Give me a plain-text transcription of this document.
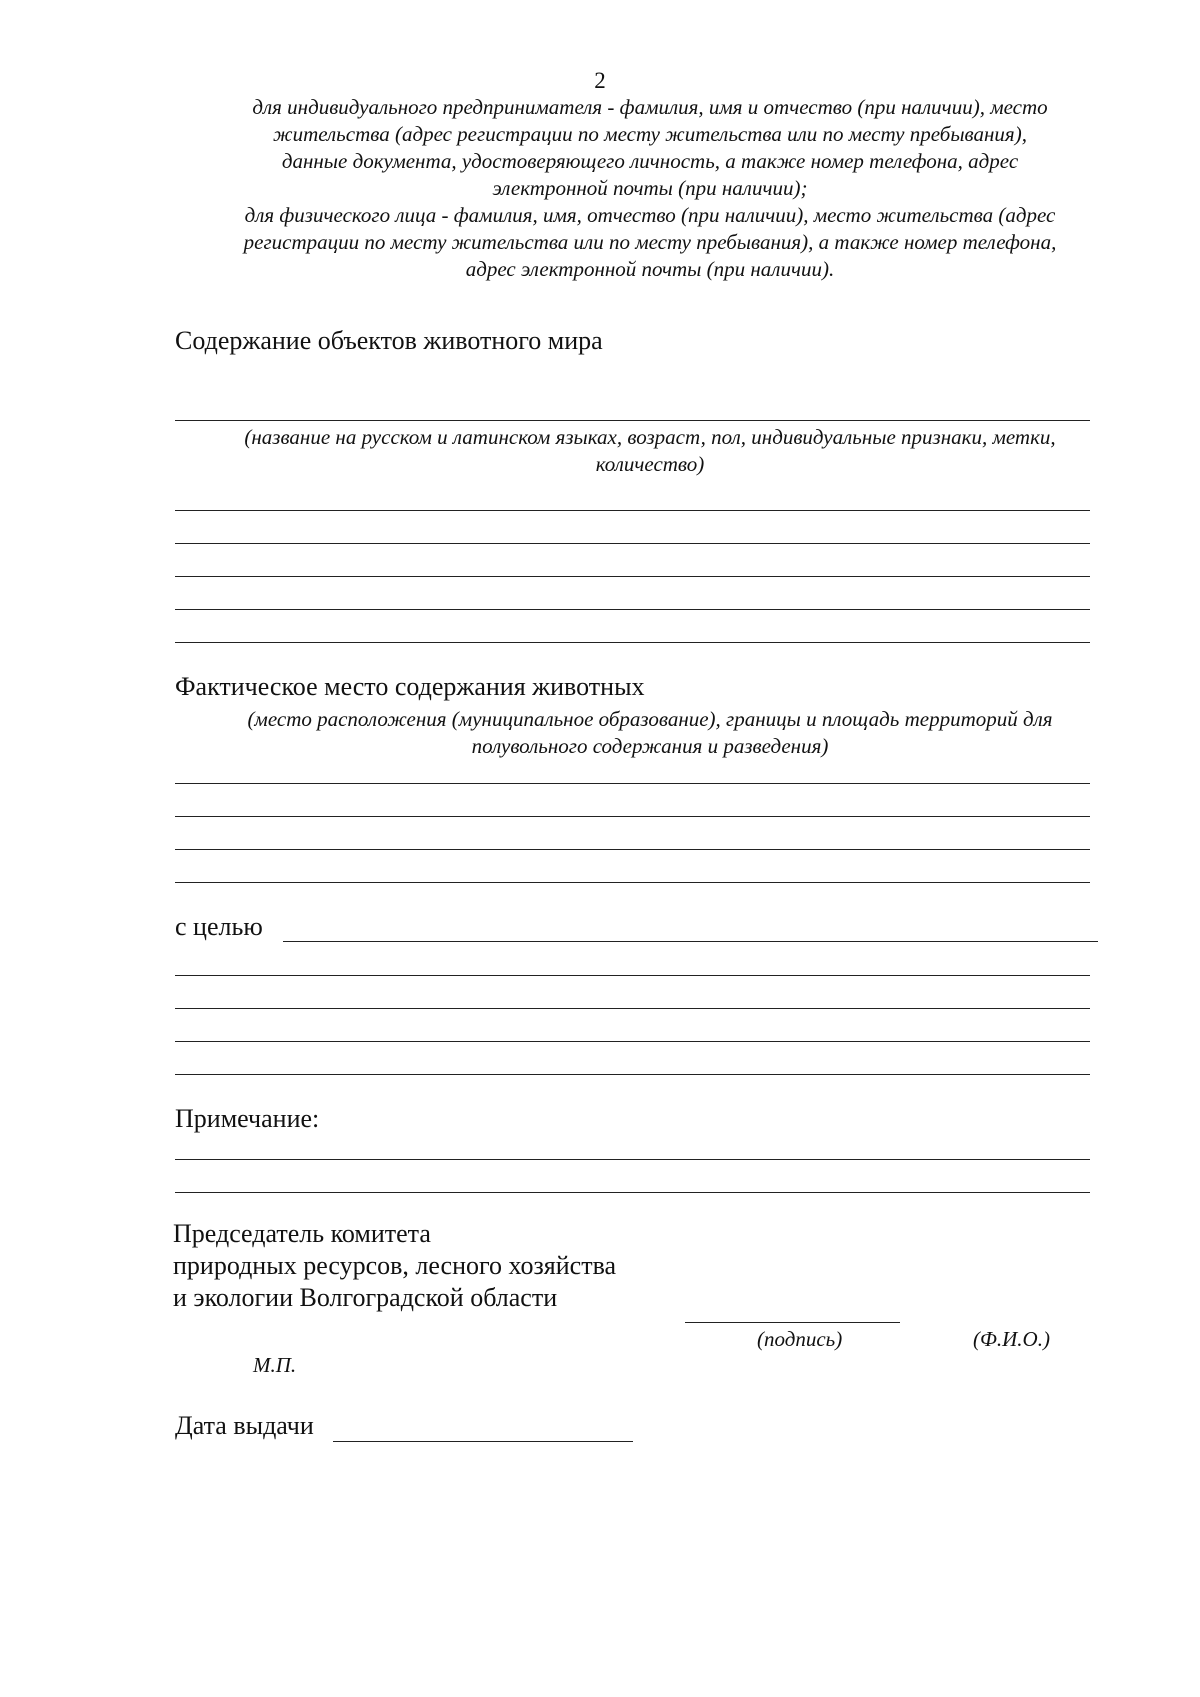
2
для индивидуального предпринимателя - фамилия, имя и отчество (при наличии), место
жительства (адрес регистрации по месту жительства или по месту пребывания),
данные документа, удостоверяющего личность, а также номер телефона, адрес
электронной почты (при наличии);
для физического лица - фамилия, имя, отчество (при наличии), место жительства (адрес
регистрации по месту жительства или по месту пребывания), а также номер телефона,
адрес электронной почты (при наличии).
Содержание объектов животного мира
(название на русском и латинском языках, возраст, пол, индивидуальные признаки, метки,
количество)
Фактическое место содержания животных
(место расположения (муниципальное образование), границы и площадь территорий для
полувольного содержания и разведения)
с целью
Примечание:
Председатель комитета
природных ресурсов, лесного хозяйства
и экологии Волгоградской области
(подпись)	(Ф.И.О.)
М.П.
Дата выдачи
